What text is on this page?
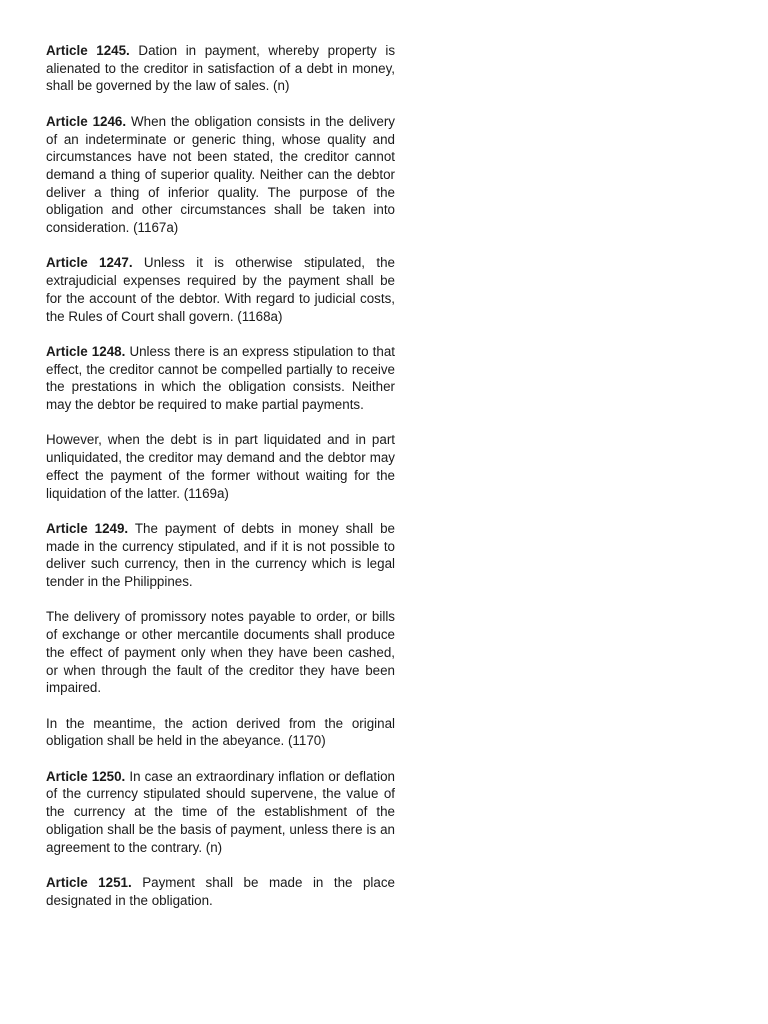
Article 1245. Dation in payment, whereby property is alienated to the creditor in satisfaction of a debt in money, shall be governed by the law of sales. (n)

Article 1246. When the obligation consists in the delivery of an indeterminate or generic thing, whose quality and circumstances have not been stated, the creditor cannot demand a thing of superior quality. Neither can the debtor deliver a thing of inferior quality. The purpose of the obligation and other circumstances shall be taken into consideration. (1167a)

Article 1247. Unless it is otherwise stipulated, the extrajudicial expenses required by the payment shall be for the account of the debtor. With regard to judicial costs, the Rules of Court shall govern. (1168a)

Article 1248. Unless there is an express stipulation to that effect, the creditor cannot be compelled partially to receive the prestations in which the obligation consists. Neither may the debtor be required to make partial payments.

However, when the debt is in part liquidated and in part unliquidated, the creditor may demand and the debtor may effect the payment of the former without waiting for the liquidation of the latter. (1169a)

Article 1249. The payment of debts in money shall be made in the currency stipulated, and if it is not possible to deliver such currency, then in the currency which is legal tender in the Philippines.

The delivery of promissory notes payable to order, or bills of exchange or other mercantile documents shall produce the effect of payment only when they have been cashed, or when through the fault of the creditor they have been impaired.

In the meantime, the action derived from the original obligation shall be held in the abeyance. (1170)

Article 1250. In case an extraordinary inflation or deflation of the currency stipulated should supervene, the value of the currency at the time of the establishment of the obligation shall be the basis of payment, unless there is an agreement to the contrary. (n)

Article 1251. Payment shall be made in the place designated in the obligation.
